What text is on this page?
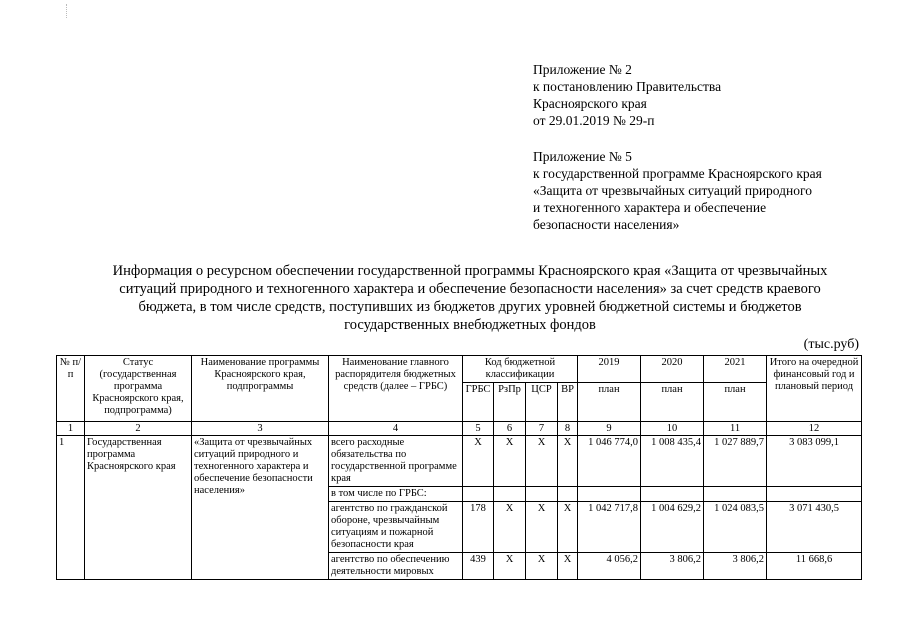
Приложение № 2
к постановлению Правительства
Красноярского края
от 29.01.2019 № 29-п
Приложение № 5
к государственной программе Красноярского края
«Защита от чрезвычайных ситуаций природного
и техногенного характера и обеспечение
безопасности населения»
Информация о ресурсном обеспечении государственной программы Красноярского края «Защита от чрезвычайных
ситуаций природного и техногенного характера и обеспечение безопасности населения» за счет средств краевого
бюджета, в том числе средств, поступивших из бюджетов других уровней бюджетной системы и бюджетов
государственных внебюджетных фондов
(тыс.руб)
№ п/п	Статус (государственная программа Красноярского края, подпрограмма)	Наименование программы Красноярского края, подпрограммы	Наименование главного распорядителя бюджетных средств (далее – ГРБС)	Код бюджетной классификации				2019	2020	2021	Итого на очередной финансовый год и плановый период
				ГРБС	РзПр	ЦСР	ВР	план	план	план	
1	2	3	4	5	6	7	8	9	10	11	12
1	Государственная программа Красноярского края	«Защита от чрезвычайных ситуаций природного и техногенного характера и обеспечение безопасности населения»	всего расходные обязательства по государственной программе края	Х	Х	Х	Х	1 046 774,0	1 008 435,4	1 027 889,7	3 083 099,1
			в том числе по ГРБС:								
			агентство по гражданской обороне, чрезвычайным ситуациям и пожарной безопасности края	178	Х	Х	Х	1 042 717,8	1 004 629,2	1 024 083,5	3 071 430,5
			агентство по обеспечению деятельности мировых	439	Х	Х	Х	4 056,2	3 806,2	3 806,2	11 668,6
